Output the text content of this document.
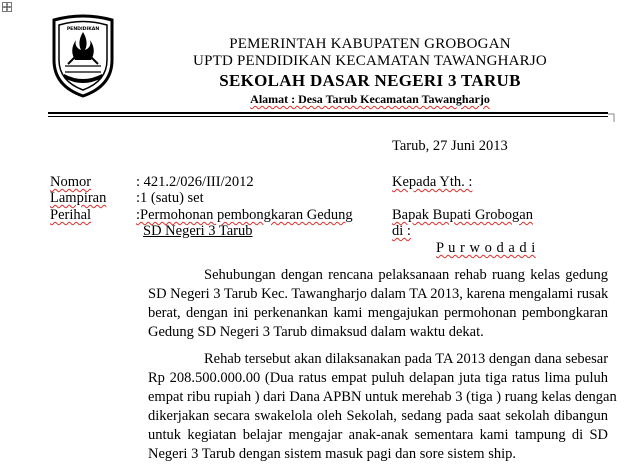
PENDIDIKAN
PEMERINTAH KABUPATEN GROBOGAN
UPTD PENDIDIKAN KECAMATAN TAWANGHARJO
SEKOLAH DASAR NEGERI 3 TARUB
Alamat : Desa Tarub Kecamatan Tawangharjo
Tarub, 27 Juni 2013
Nomor	: 421.2/026/III/2012
Lampiran :1 (satu) set
Perihal	:Permohonan pembongkaran Gedung
SD Negeri 3 Tarub
Kepada Yth. :
Bapak Bupati Grobogan
di :
P u r w o d a d i
Sehubungan dengan rencana pelaksanaan rehab ruang kelas gedung
SD Negeri 3 Tarub Kec. Tawangharjo dalam TA 2013, karena mengalami rusak
berat, dengan ini perkenankan kami mengajukan permohonan pembongkaran
Gedung SD Negeri 3 Tarub dimaksud dalam waktu dekat.
Rehab tersebut akan dilaksanakan pada TA 2013 dengan dana sebesar
Rp 208.500.000.00 (Dua ratus empat puluh delapan juta tiga ratus lima puluh
empat ribu rupiah ) dari Dana APBN untuk merehab 3 (tiga ) ruang kelas dengan
dikerjakan secara swakelola oleh Sekolah, sedang pada saat sekolah dibangun
untuk kegiatan belajar mengajar anak-anak sementara kami tampung di SD
Negeri 3 Tarub dengan sistem masuk pagi dan sore sistem ship.
